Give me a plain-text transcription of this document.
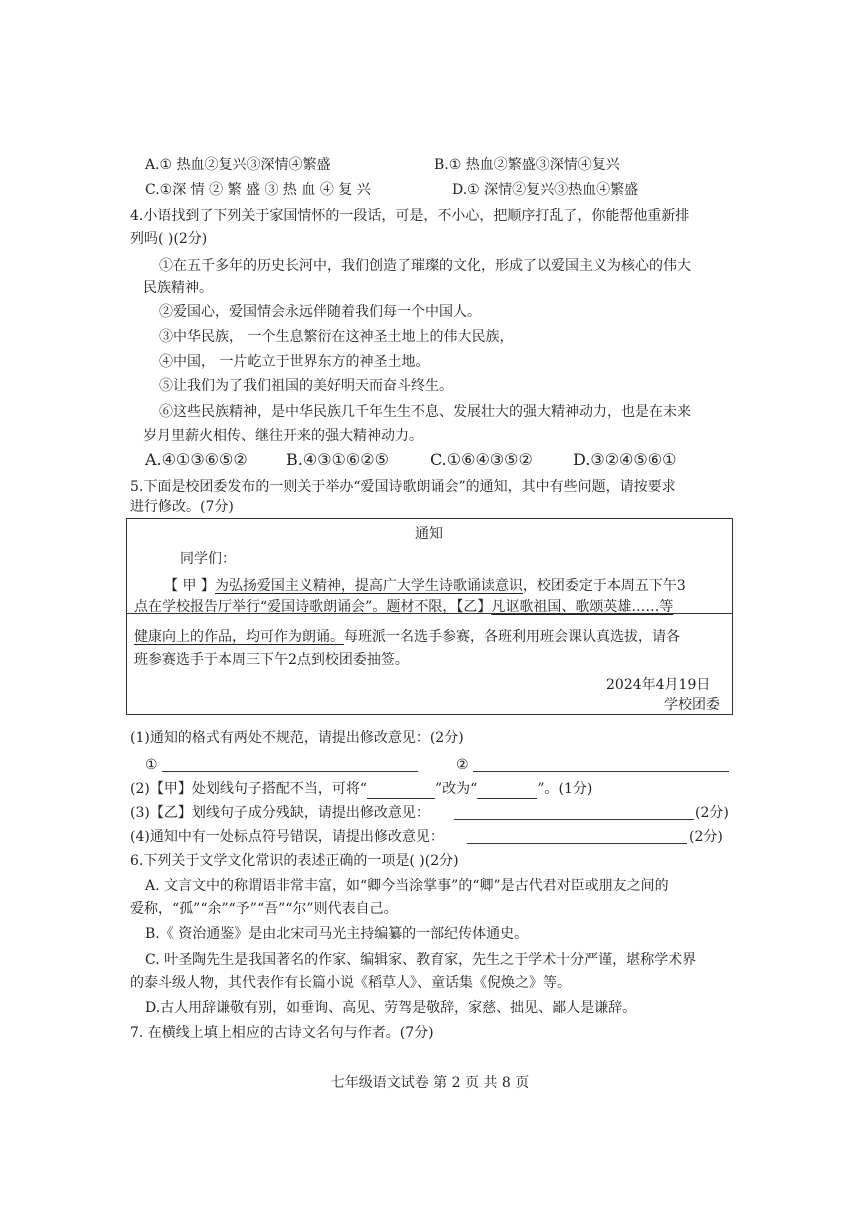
A.① 热血②复兴③深情④繁盛	B.① 热血②繁盛③深情④复兴
C.①深 情 ② 繁 盛 ③ 热 血 ④ 复 兴	D.① 深情②复兴③热血④繁盛
4.小语找到了下列关于家国情怀的一段话，可是，不小心，把顺序打乱了，你能帮他重新排
列吗( )(2分)
①在五千多年的历史长河中，我们创造了璀璨的文化，形成了以爱国主义为核心的伟大
民族精神。
②爱国心，爱国情会永远伴随着我们每一个中国人。
③中华民族， 一个生息繁衍在这神圣土地上的伟大民族，
④中国， 一片屹立于世界东方的神圣土地。
⑤让我们为了我们祖国的美好明天而奋斗终生。
⑥这些民族精神，是中华民族几千年生生不息、发展壮大的强大精神动力，也是在未来
岁月里薪火相传、继往开来的强大精神动力。
A.④①③⑥⑤② B.④③①⑥②⑤	C.①⑥④③⑤②	D.③②④⑤⑥①
5.下面是校团委发布的一则关于举办“爱国诗歌朗诵会”的通知，其中有些问题，请按要求
进行修改。(7分)
通知
同学们：
【 甲 】为弘扬爱国主义精神，提高广大学生诗歌诵读意识，校团委定于本周五下午3
点在学校报告厅举行“爱国诗歌朗诵会”。题材不限，【乙】凡讴歌祖国、歌颂英雄……等
健康向上的作品，均可作为朗诵。每班派一名选手参赛，各班利用班会课认真选拔，请各
班参赛选手于本周三下午2点到校团委抽签。
2024年4月19日
学校团委
(1)通知的格式有两处不规范，请提出修改意见：(2分)
①	②
(2)【甲】处划线句子搭配不当，可将“	”改为“	”。(1分)
(3)【乙】划线句子成分残缺，请提出修改意见：	(2分)
(4)通知中有一处标点符号错误，请提出修改意见：	(2分)
6.下列关于文学文化常识的表述正确的一项是( )(2分)
A. 文言文中的称谓语非常丰富，如“卿今当涂掌事”的“卿”是古代君对臣或朋友之间的
爱称，“孤”“余”“予”“吾”“尔”则代表自己。
B.《 资治通鉴》是由北宋司马光主持编纂的一部纪传体通史。
C. 叶圣陶先生是我国著名的作家、编辑家、教育家，先生之于学术十分严谨，堪称学术界
的泰斗级人物，其代表作有长篇小说《稻草人》、童话集《倪焕之》等。
D.古人用辞谦敬有别，如垂询、高见、劳驾是敬辞，家慈、拙见、鄙人是谦辞。
7. 在横线上填上相应的古诗文名句与作者。(7分)
七年级语文试卷 第 2 页 共 8 页
